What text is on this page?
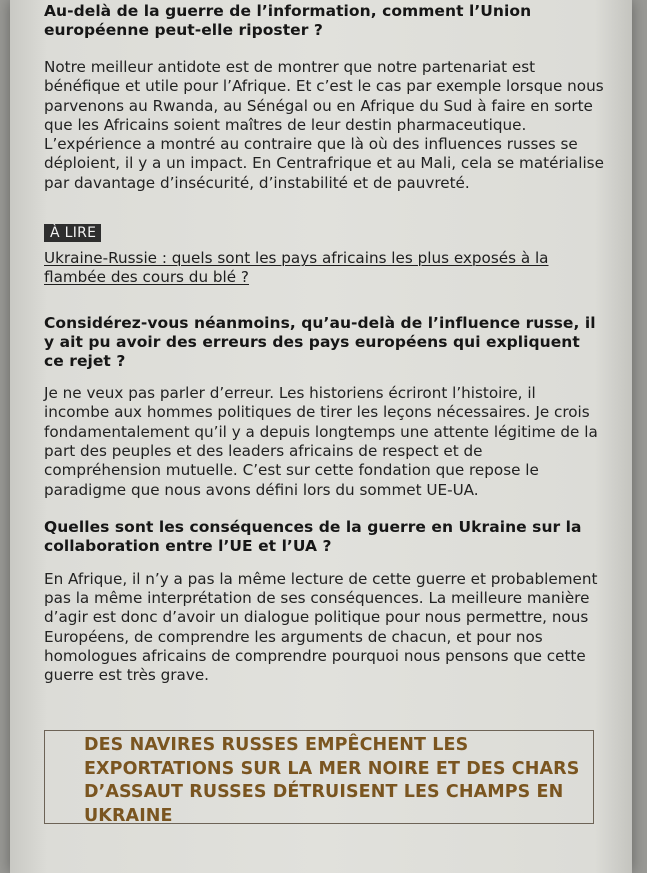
Au-delà de la guerre de l’information, comment l’Union européenne peut-elle riposter ?

Notre meilleur antidote est de montrer que notre partenariat est bénéfique et utile pour l’Afrique. Et c’est le cas par exemple lorsque nous parvenons au Rwanda, au Sénégal ou en Afrique du Sud à faire en sorte que les Africains soient maîtres de leur destin pharmaceutique. L’expérience a montré au contraire que là où des influences russes se déploient, il y a un impact. En Centrafrique et au Mali, cela se matérialise par davantage d’insécurité, d’instabilité et de pauvreté.

À LIRE
Ukraine-Russie : quels sont les pays africains les plus exposés à la flambée des cours du blé ?
Considérez-vous néanmoins, qu’au-delà de l’influence russe, il y ait pu avoir des erreurs des pays européens qui expliquent ce rejet ?

Je ne veux pas parler d’erreur. Les historiens écriront l’histoire, il incombe aux hommes politiques de tirer les leçons nécessaires. Je crois fondamentalement qu’il y a depuis longtemps une attente légitime de la part des peuples et des leaders africains de respect et de compréhension mutuelle. C’est sur cette fondation que repose le paradigme que nous avons défini lors du sommet UE-UA.

Quelles sont les conséquences de la guerre en Ukraine sur la collaboration entre l’UE et l’UA ?

En Afrique, il n’y a pas la même lecture de cette guerre et probablement pas la même interprétation de ses conséquences. La meilleure manière d’agir est donc d’avoir un dialogue politique pour nous permettre, nous Européens, de comprendre les arguments de chacun, et pour nos homologues africains de comprendre pourquoi nous pensons que cette guerre est très grave.

DES NAVIRES RUSSES EMPÊCHENT LES EXPORTATIONS SUR LA MER NOIRE ET DES CHARS D’ASSAUT RUSSES DÉTRUISENT LES CHAMPS EN UKRAINE
